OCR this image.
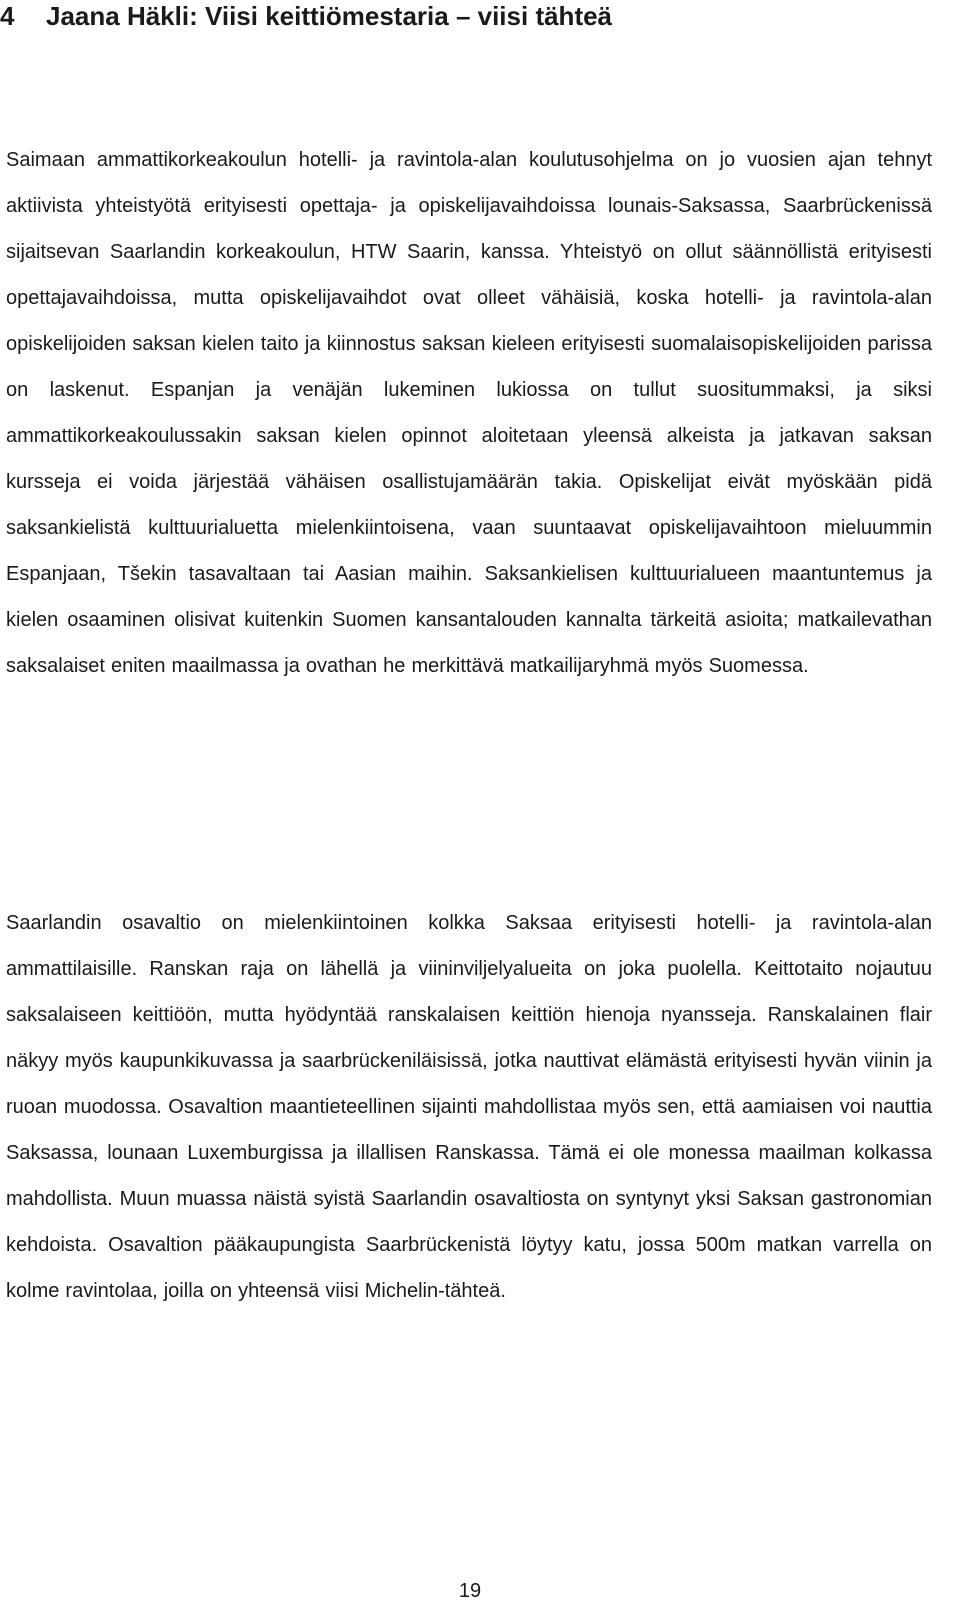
4 Jaana Häkli: Viisi keittiömestaria – viisi tähteä

Saimaan ammattikorkeakoulun hotelli- ja ravintola-alan koulutusohjelma on jo vuosien ajan tehnyt aktiivista yhteistyötä erityisesti opettaja- ja opiskelijavaihdoissa lounais-Saksassa, Saarbrückenissä sijaitsevan Saarlandin korkeakoulun, HTW Saarin, kanssa. Yhteistyö on ollut säännöllistä erityisesti opettajavaihdoissa, mutta opiskelijavaihdot ovat olleet vähäisiä, koska hotelli- ja ravintola-alan opiskelijoiden saksan kielen taito ja kiinnostus saksan kieleen erityisesti suomalaisopiskelijoiden parissa on laskenut. Espanjan ja venäjän lukeminen lukiossa on tullut suositummaksi, ja siksi ammattikorkeakoulussakin saksan kielen opinnot aloitetaan yleensä alkeista ja jatkavan saksan kursseja ei voida järjestää vähäisen osallistujamäärän takia. Opiskelijat eivät myöskään pidä saksankielistä kulttuurialuetta mielenkiintoisena, vaan suuntaavat opiskelijavaihtoon mieluummin Espanjaan, Tšekin tasavaltaan tai Aasian maihin. Saksankielisen kulttuurialueen maantuntemus ja kielen osaaminen olisivat kuitenkin Suomen kansantalouden kannalta tärkeitä asioita; matkailevathan saksalaiset eniten maailmassa ja ovathan he merkittävä matkailijaryhmä myös Suomessa.

Saarlandin osavaltio on mielenkiintoinen kolkka Saksaa erityisesti hotelli- ja ravintola-alan ammattilaisille. Ranskan raja on lähellä ja viininviljelyalueita on joka puolella. Keittotaito nojautuu saksalaiseen keittiöön, mutta hyödyntää ranskalaisen keittiön hienoja nyansseja. Ranskalainen flair näkyy myös kaupunkikuvassa ja saarbrückeniläisissä, jotka nauttivat elämästä erityisesti hyvän viinin ja ruoan muodossa. Osavaltion maantieteellinen sijainti mahdollistaa myös sen, että aamiaisen voi nauttia Saksassa, lounaan Luxemburgissa ja illallisen Ranskassa. Tämä ei ole monessa maailman kolkassa mahdollista. Muun muassa näistä syistä Saarlandin osavaltiosta on syntynyt yksi Saksan gastronomian kehdoista. Osavaltion pääkaupungista Saarbrückenistä löytyy katu, jossa 500m matkan varrella on kolme ravintolaa, joilla on yhteensä viisi Michelin-tähteä.

19
